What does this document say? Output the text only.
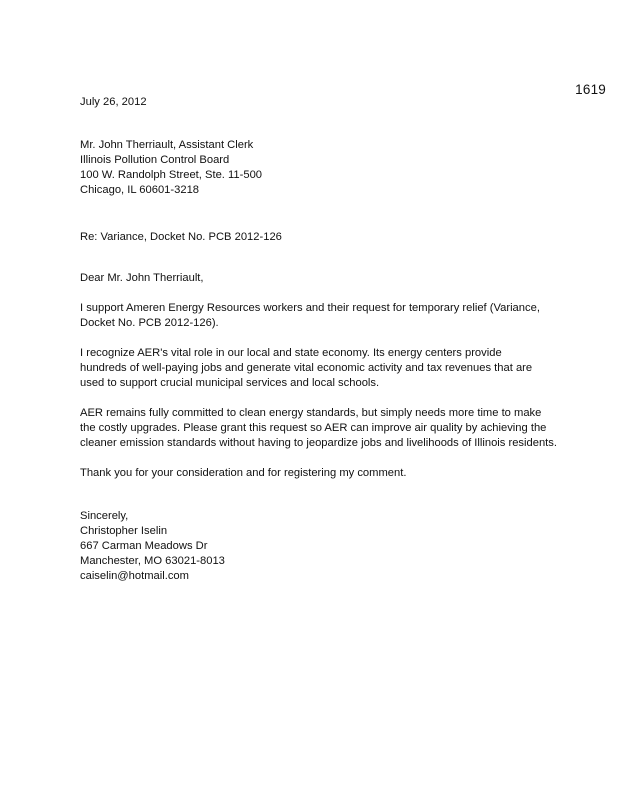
1619
July 26, 2012
Mr. John Therriault, Assistant Clerk
Illinois Pollution Control Board
100 W. Randolph Street, Ste. 11-500
Chicago, IL 60601-3218
Re: Variance, Docket No. PCB 2012-126
Dear Mr. John Therriault,
I support Ameren Energy Resources workers and their request for temporary relief (Variance,
Docket No. PCB 2012-126).
I recognize AER's vital role in our local and state economy. Its energy centers provide
hundreds of well-paying jobs and generate vital economic activity and tax revenues that are
used to support crucial municipal services and local schools.
AER remains fully committed to clean energy standards, but simply needs more time to make
the costly upgrades. Please grant this request so AER can improve air quality by achieving the
cleaner emission standards without having to jeopardize jobs and livelihoods of Illinois residents.
Thank you for your consideration and for registering my comment.
Sincerely,
Christopher Iselin
667 Carman Meadows Dr
Manchester, MO 63021-8013
caiselin@hotmail.com
